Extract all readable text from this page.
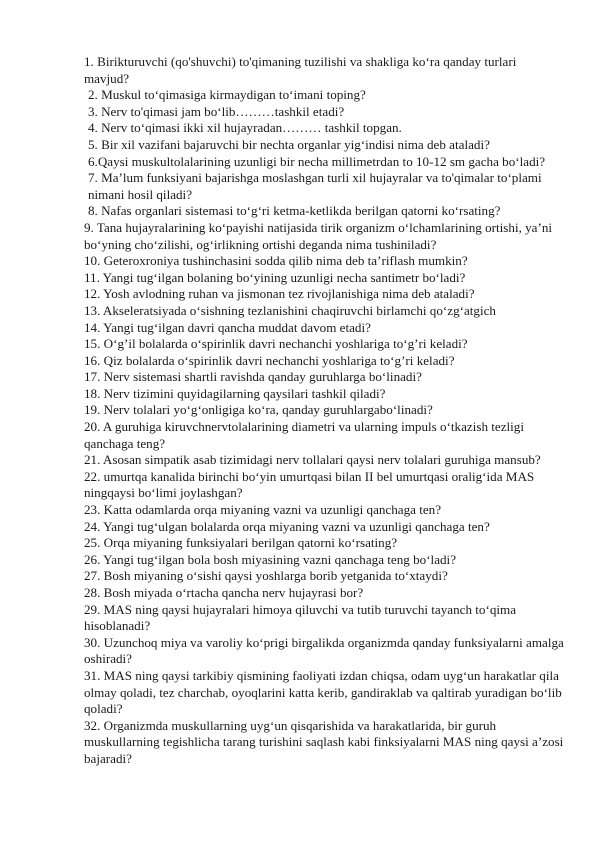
1. Birikturuvchi (qo'shuvchi) to'qimaning tuzilishi va shakliga ko‘ra qanday turlari mavjud?

2. Muskul to‘qimasiga kirmaydigan to‘imani toping?

3. Nerv to'qimasi jam bo‘lib………tashkil etadi?

4. Nerv to‘qimasi ikki xil hujayradan……… tashkil topgan.

5. Bir xil vazifani bajaruvchi bir nechta organlar yig‘indisi nima deb ataladi?

6.Qaysi muskultolalarining uzunligi bir necha millimetrdan to 10-12 sm gacha bo‘ladi?

7. Ma’lum funksiyani bajarishga moslashgan turli xil hujayralar va to'qimalar to‘plami nimani hosil qiladi?

8. Nafas organlari sistemasi to‘g‘ri ketma-ketlikda berilgan qatorni ko‘rsating?

9. Tana hujayralarining ko‘payishi natijasida tirik organizm o‘lchamlarining ortishi, ya’ni bo‘yning cho‘zilishi, og‘irlikning ortishi deganda nima tushiniladi?

10. Geteroxroniya tushinchasini sodda qilib nima deb ta’riflash mumkin?

11. Yangi tug‘ilgan bolaning bo‘yining uzunligi necha santimetr bo‘ladi?

12. Yosh avlodning ruhan va jismonan tez rivojlanishiga nima deb ataladi?

13. Akseleratsiyada o‘sishning tezlanishini chaqiruvchi birlamchi qo‘zg‘atgich

14. Yangi tug‘ilgan davri qancha muddat davom etadi?

15. O‘g’il bolalarda o‘spirinlik davri nechanchi yoshlariga to‘g’ri keladi?

16. Qiz bolalarda o‘spirinlik davri nechanchi yoshlariga to‘g’ri keladi?

17. Nerv sistemasi shartli ravishda qanday guruhlarga bo‘linadi?

18. Nerv tizimini quyidagilarning qaysilari tashkil qiladi?

19. Nerv tolalari yo‘g‘onligiga ko‘ra, qanday guruhlargabo‘linadi?

20. A guruhiga kiruvchnervtolalarining diametri va ularning impuls o‘tkazish tezligi qanchaga teng?

21. Asosan simpatik asab tizimidagi nerv tollalari qaysi nerv tolalari guruhiga mansub?

22. umurtqa kanalida birinchi bo‘yin umurtqasi bilan II bel umurtqasi oralig‘ida MAS ningqaysi bo‘limi joylashgan?

23. Katta odamlarda orqa miyaning vazni va uzunligi qanchaga ten?

24. Yangi tug‘ulgan bolalarda orqa miyaning vazni va uzunligi qanchaga ten?

25. Orqa miyaning funksiyalari berilgan qatorni ko‘rsating?

26. Yangi tug‘ilgan bola bosh miyasining vazni qanchaga teng bo‘ladi?

27. Bosh miyaning o‘sishi qaysi yoshlarga borib yetganida to‘xtaydi?

28. Bosh miyada o‘rtacha qancha nerv hujayrasi bor?

29. MAS ning qaysi hujayralari himoya qiluvchi va tutib turuvchi tayanch to‘qima hisoblanadi?

30. Uzunchoq miya va varoliy ko‘prigi birgalikda organizmda qanday funksiyalarni amalga oshiradi?

31. MAS ning qaysi tarkibiy qismining faoliyati izdan chiqsa, odam uyg‘un harakatlar qila olmay qoladi, tez charchab, oyoqlarini katta kerib, gandiraklab va qaltirab yuradigan bo‘lib qoladi?

32. Organizmda muskullarning uyg‘un qisqarishida va harakatlarida, bir guruh muskullarning tegishlicha tarang turishini saqlash kabi finksiyalarni MAS ning qaysi a’zosi bajaradi?
